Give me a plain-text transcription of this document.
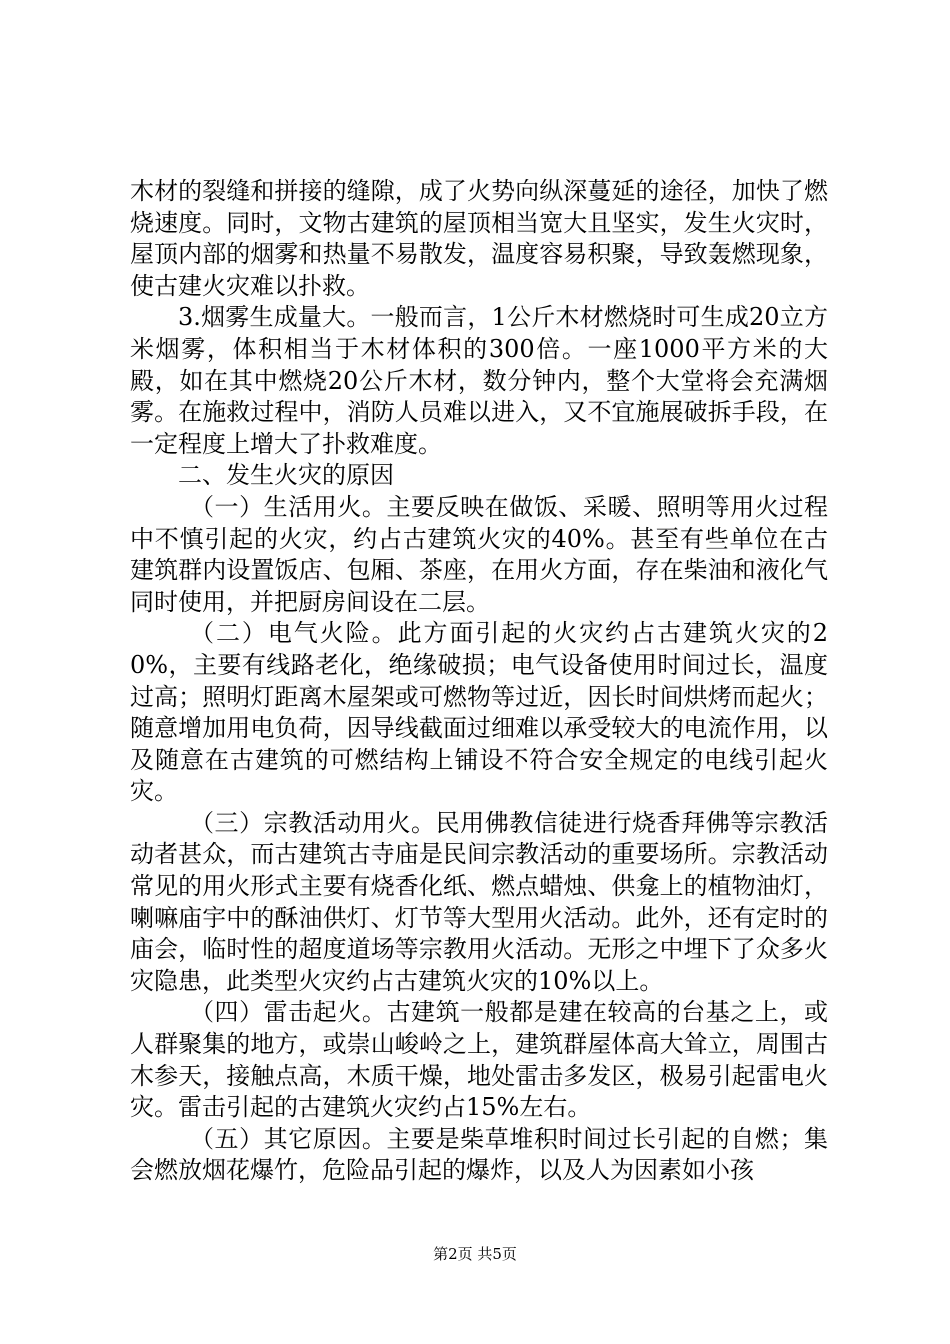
木材的裂缝和拼接的缝隙，成了火势向纵深蔓延的途径，加快了燃烧速度。同时，文物古建筑的屋顶相当宽大且坚实，发生火灾时，屋顶内部的烟雾和热量不易散发，温度容易积聚，导致轰燃现象，使古建火灾难以扑救。

3.烟雾生成量大。一般而言，1公斤木材燃烧时可生成20立方米烟雾，体积相当于木材体积的300倍。一座1000平方米的大殿，如在其中燃烧20公斤木材，数分钟内，整个大堂将会充满烟雾。在施救过程中，消防人员难以进入，又不宜施展破拆手段，在一定程度上增大了扑救难度。

二、发生火灾的原因

（一）生活用火。主要反映在做饭、采暖、照明等用火过程中不慎引起的火灾，约占古建筑火灾的40%。甚至有些单位在古建筑群内设置饭店、包厢、茶座，在用火方面，存在柴油和液化气同时使用，并把厨房间设在二层。

（二）电气火险。此方面引起的火灾约占古建筑火灾的20%，主要有线路老化，绝缘破损；电气设备使用时间过长，温度过高；照明灯距离木屋架或可燃物等过近，因长时间烘烤而起火；随意增加用电负荷，因导线截面过细难以承受较大的电流作用，以及随意在古建筑的可燃结构上铺设不符合安全规定的电线引起火灾。

（三）宗教活动用火。民用佛教信徒进行烧香拜佛等宗教活动者甚众，而古建筑古寺庙是民间宗教活动的重要场所。宗教活动常见的用火形式主要有烧香化纸、燃点蜡烛、供龛上的植物油灯，喇嘛庙宇中的酥油供灯、灯节等大型用火活动。此外，还有定时的庙会，临时性的超度道场等宗教用火活动。无形之中埋下了众多火灾隐患，此类型火灾约占古建筑火灾的10%以上。

（四）雷击起火。古建筑一般都是建在较高的台基之上，或人群聚集的地方，或崇山峻岭之上，建筑群屋体高大耸立，周围古木参天，接触点高，木质干燥，地处雷击多发区，极易引起雷电火灾。雷击引起的古建筑火灾约占15%左右。

（五）其它原因。主要是柴草堆积时间过长引起的自燃；集会燃放烟花爆竹，危险品引起的爆炸，以及人为因素如小孩

第2页 共5页
